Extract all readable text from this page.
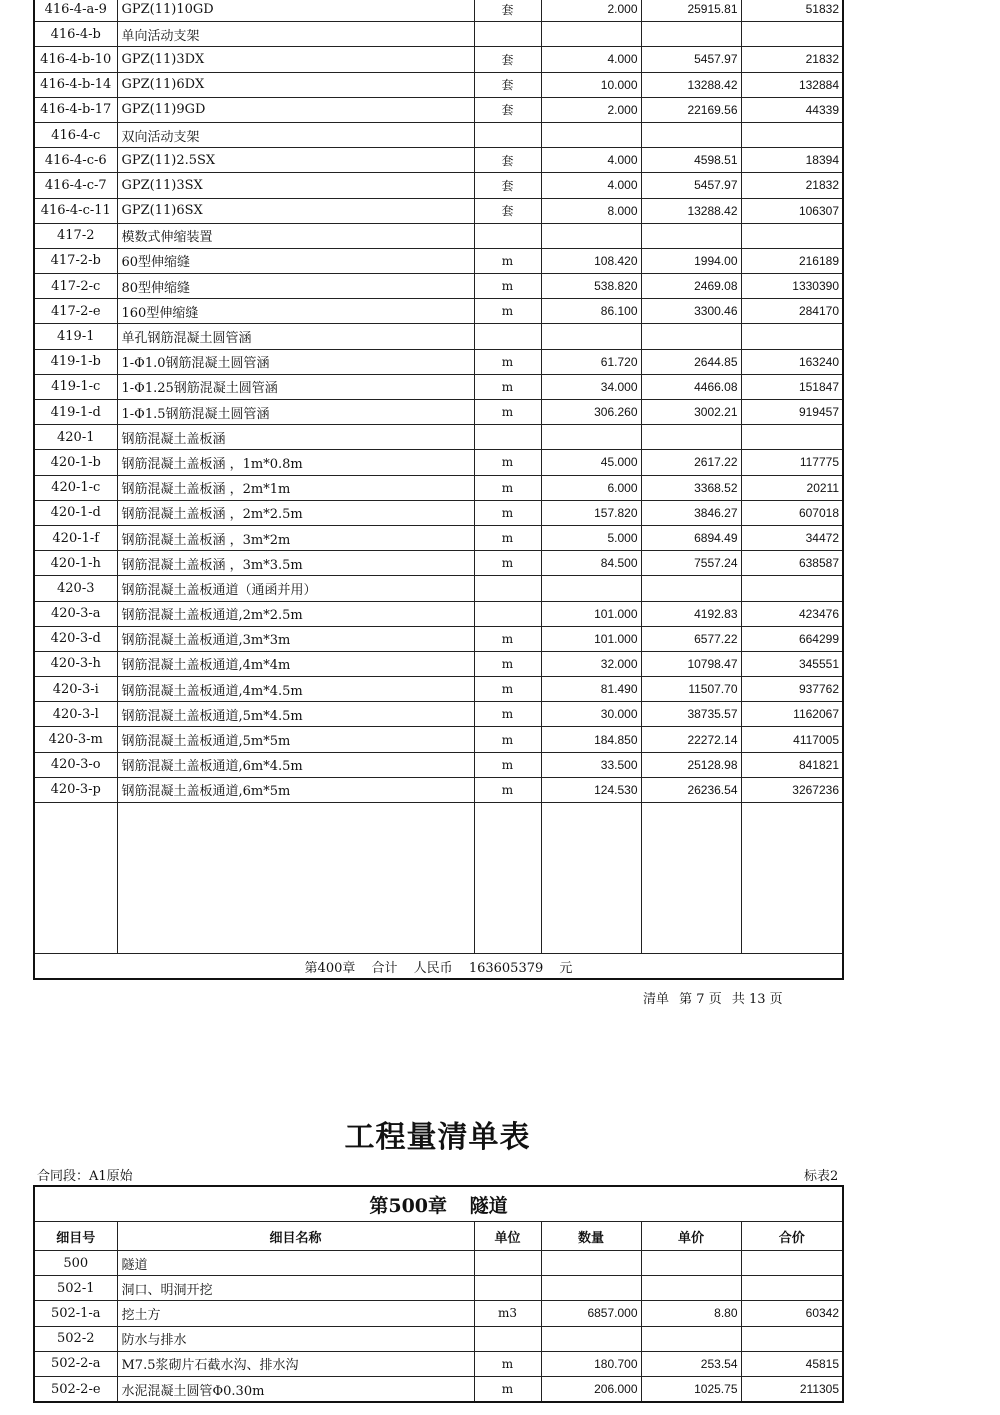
416-4-a-9	GPZ(11)10GD	套	2.000	25915.81	51832
416-4-b	单向活动支架				
416-4-b-10	GPZ(11)3DX	套	4.000	5457.97	21832
416-4-b-14	GPZ(11)6DX	套	10.000	13288.42	132884
416-4-b-17	GPZ(11)9GD	套	2.000	22169.56	44339
416-4-c	双向活动支架				
416-4-c-6	GPZ(11)2.5SX	套	4.000	4598.51	18394
416-4-c-7	GPZ(11)3SX	套	4.000	5457.97	21832
416-4-c-11	GPZ(11)6SX	套	8.000	13288.42	106307
417-2	模数式伸缩装置				
417-2-b	60型伸缩缝	m	108.420	1994.00	216189
417-2-c	80型伸缩缝	m	538.820	2469.08	1330390
417-2-e	160型伸缩缝	m	86.100	3300.46	284170
419-1	单孔钢筋混凝土圆管涵				
419-1-b	1-Φ1.0钢筋混凝土圆管涵	m	61.720	2644.85	163240
419-1-c	1-Φ1.25钢筋混凝土圆管涵	m	34.000	4466.08	151847
419-1-d	1-Φ1.5钢筋混凝土圆管涵	m	306.260	3002.21	919457
420-1	钢筋混凝土盖板涵				
420-1-b	钢筋混凝土盖板涵 ，1m*0.8m	m	45.000	2617.22	117775
420-1-c	钢筋混凝土盖板涵 ，2m*1m	m	6.000	3368.52	20211
420-1-d	钢筋混凝土盖板涵 ，2m*2.5m	m	157.820	3846.27	607018
420-1-f	钢筋混凝土盖板涵 ，3m*2m	m	5.000	6894.49	34472
420-1-h	钢筋混凝土盖板涵 ，3m*3.5m	m	84.500	7557.24	638587
420-3	钢筋混凝土盖板通道（通函并用）				
420-3-a	钢筋混凝土盖板通道,2m*2.5m		101.000	4192.83	423476
420-3-d	钢筋混凝土盖板通道,3m*3m	m	101.000	6577.22	664299
420-3-h	钢筋混凝土盖板通道,4m*4m	m	32.000	10798.47	345551
420-3-i	钢筋混凝土盖板通道,4m*4.5m	m	81.490	11507.70	937762
420-3-l	钢筋混凝土盖板通道,5m*4.5m	m	30.000	38735.57	1162067
420-3-m	钢筋混凝土盖板通道,5m*5m	m	184.850	22272.14	4117005
420-3-o	钢筋混凝土盖板通道,6m*4.5m	m	33.500	25128.98	841821
420-3-p	钢筋混凝土盖板通道,6m*5m	m	124.530	26236.54	3267236

第400章 合计 人民币 163605379 元					
清单 第 7 页 共 13 页
工程量清单表
合同段：A1原始	标表2
第500章 隧道					
细目号	细目名称	单位	数量	单价	合价
500	隧道				
502-1	洞口、明洞开挖				
502-1-a	挖土方	m3	6857.000	8.80	60342
502-2	防水与排水				
502-2-a	M7.5浆砌片石截水沟、排水沟	m	180.700	253.54	45815
502-2-e	水泥混凝土圆管Φ0.30m	m	206.000	1025.75	211305
